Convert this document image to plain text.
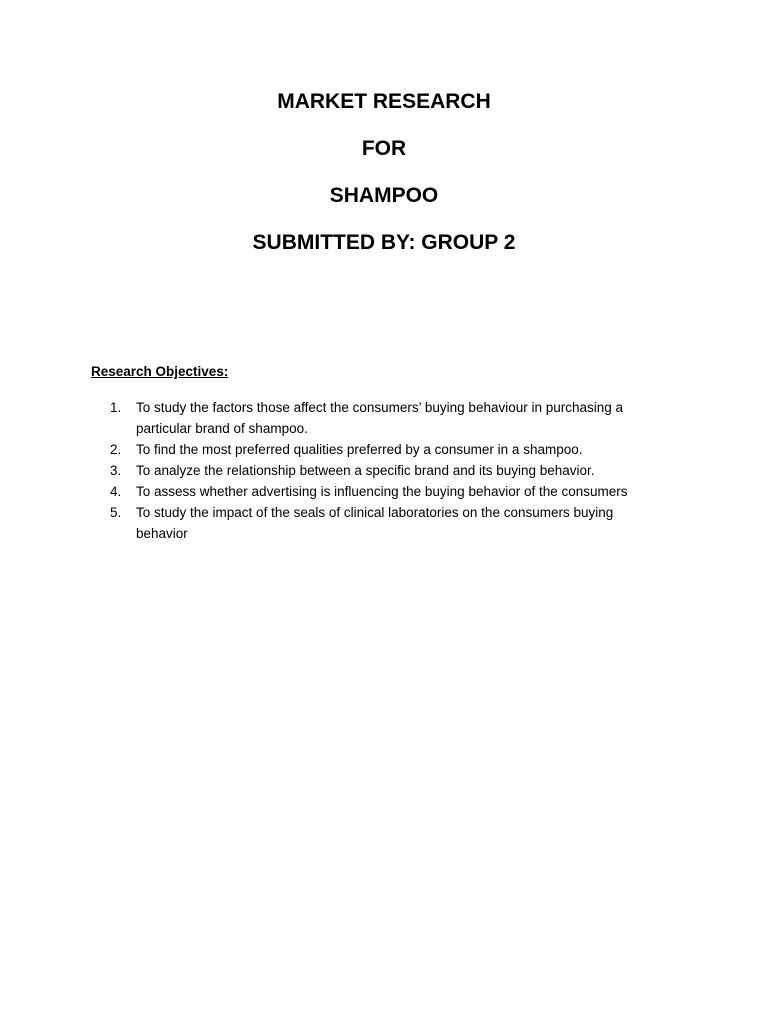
MARKET RESEARCH
FOR
SHAMPOO
SUBMITTED BY: GROUP 2
Research Objectives:
1.	To study the factors those affect the consumers’ buying behaviour in purchasing a particular brand of shampoo.
2.	To find the most preferred qualities preferred by a consumer in a shampoo.
3.	To analyze the relationship between a specific brand and its buying behavior.
4.	To assess whether advertising is influencing the buying behavior of the consumers
5.	To study the impact of the seals of clinical laboratories on the consumers buying behavior
